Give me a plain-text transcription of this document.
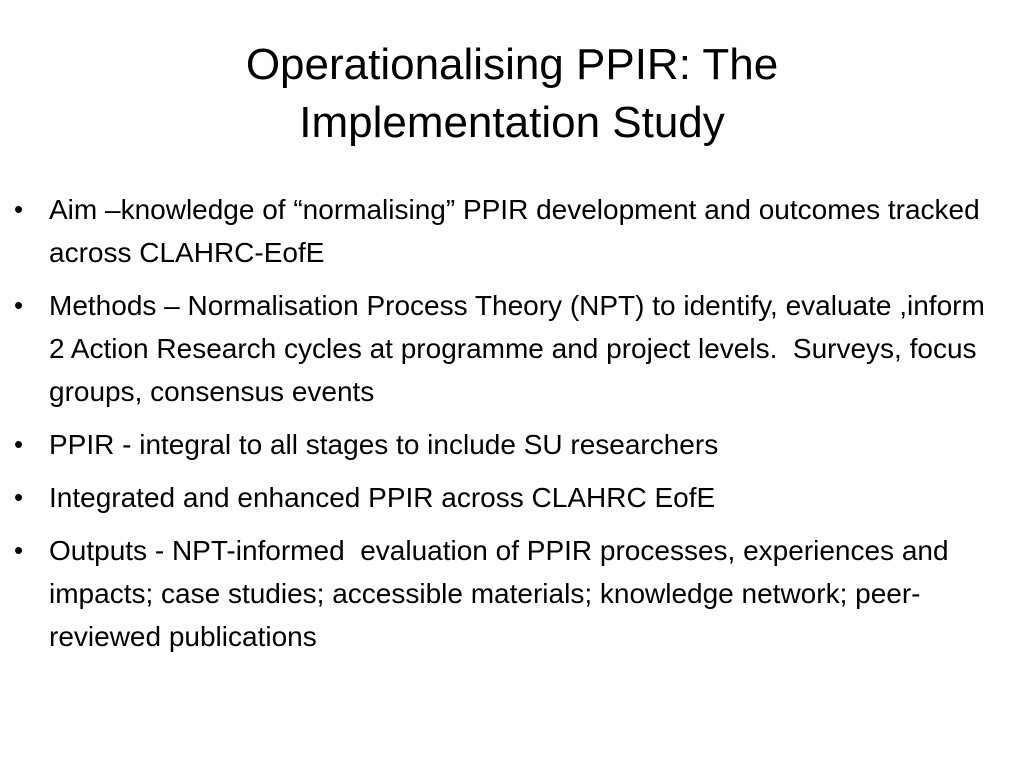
Operationalising PPIR: The
Implementation Study
• Aim –knowledge of “normalising” PPIR development and outcomes tracked across CLAHRC-EofE
• Methods – Normalisation Process Theory (NPT) to identify, evaluate ,inform 2 Action Research cycles at programme and project levels.  Surveys, focus groups, consensus events
• PPIR - integral to all stages to include SU researchers
• Integrated and enhanced PPIR across CLAHRC EofE
• Outputs - NPT-informed  evaluation of PPIR processes, experiences and impacts; case studies; accessible materials; knowledge network; peer-reviewed publications
